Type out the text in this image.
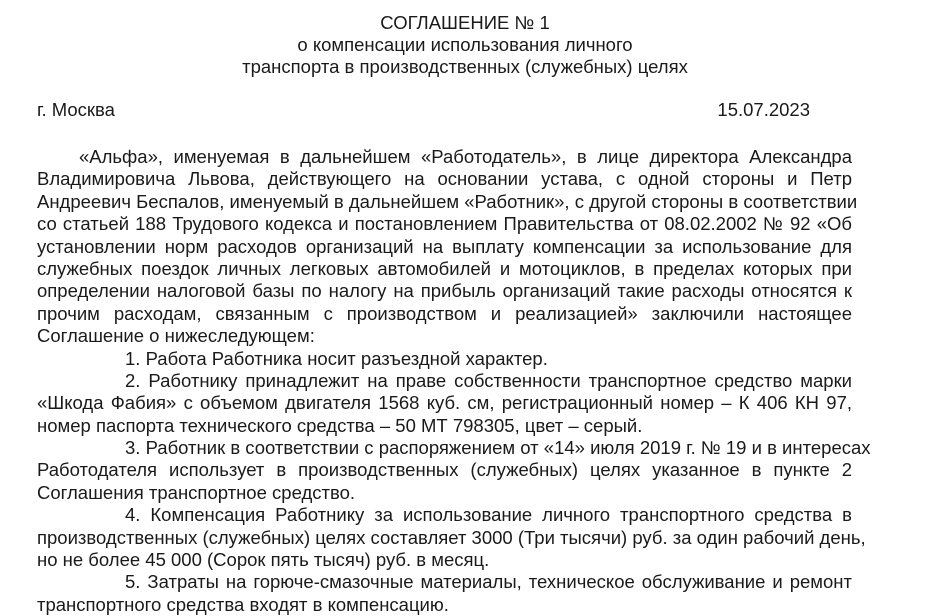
СОГЛАШЕНИЕ № 1
о компенсации использования личного
транспорта в производственных (служебных) целях
г. Москва	15.07.2023
«Альфа», именуемая в дальнейшем «Работодатель», в лице директора Александра
Владимировича Львова, действующего на основании устава, с одной стороны и Петр
Андреевич Беспалов, именуемый в дальнейшем «Работник», с другой стороны в соответствии
со статьей 188 Трудового кодекса и постановлением Правительства от 08.02.2002 № 92 «Об
установлении норм расходов организаций на выплату компенсации за использование для
служебных поездок личных легковых автомобилей и мотоциклов, в пределах которых при
определении налоговой базы по налогу на прибыль организаций такие расходы относятся к
прочим расходам, связанным с производством и реализацией» заключили настоящее
Соглашение о нижеследующем:
1. Работа Работника носит разъездной характер.
2. Работнику принадлежит на праве собственности транспортное средство марки
«Шкода Фабия» с объемом двигателя 1568 куб. см, регистрационный номер – К 406 КН 97,
номер паспорта технического средства – 50 МТ 798305, цвет – серый.
3. Работник в соответствии с распоряжением от «14» июля 2019 г. № 19 и в интересах
Работодателя использует в производственных (служебных) целях указанное в пункте 2
Соглашения транспортное средство.
4. Компенсация Работнику за использование личного транспортного средства в
производственных (служебных) целях составляет 3000 (Три тысячи) руб. за один рабочий день,
но не более 45 000 (Сорок пять тысяч) руб. в месяц.
5. Затраты на горюче-смазочные материалы, техническое обслуживание и ремонт
транспортного средства входят в компенсацию.
